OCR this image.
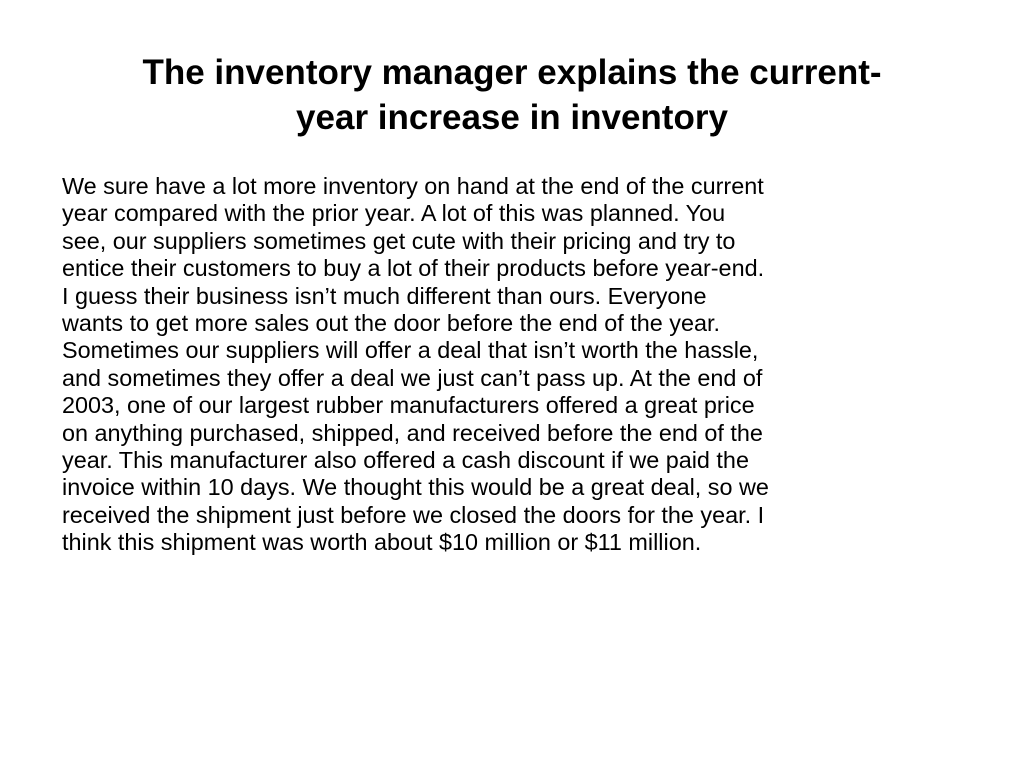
The inventory manager explains the current-
year increase in inventory

We sure have a lot more inventory on hand at the end of the current
year compared with the prior year. A lot of this was planned. You
see, our suppliers sometimes get cute with their pricing and try to
entice their customers to buy a lot of their products before year-end.
I guess their business isn’t much different than ours. Everyone
wants to get more sales out the door before the end of the year.
Sometimes our suppliers will offer a deal that isn’t worth the hassle,
and sometimes they offer a deal we just can’t pass up. At the end of
2003, one of our largest rubber manufacturers offered a great price
on anything purchased, shipped, and received before the end of the
year. This manufacturer also offered a cash discount if we paid the
invoice within 10 days. We thought this would be a great deal, so we
received the shipment just before we closed the doors for the year. I
think this shipment was worth about $10 million or $11 million.
